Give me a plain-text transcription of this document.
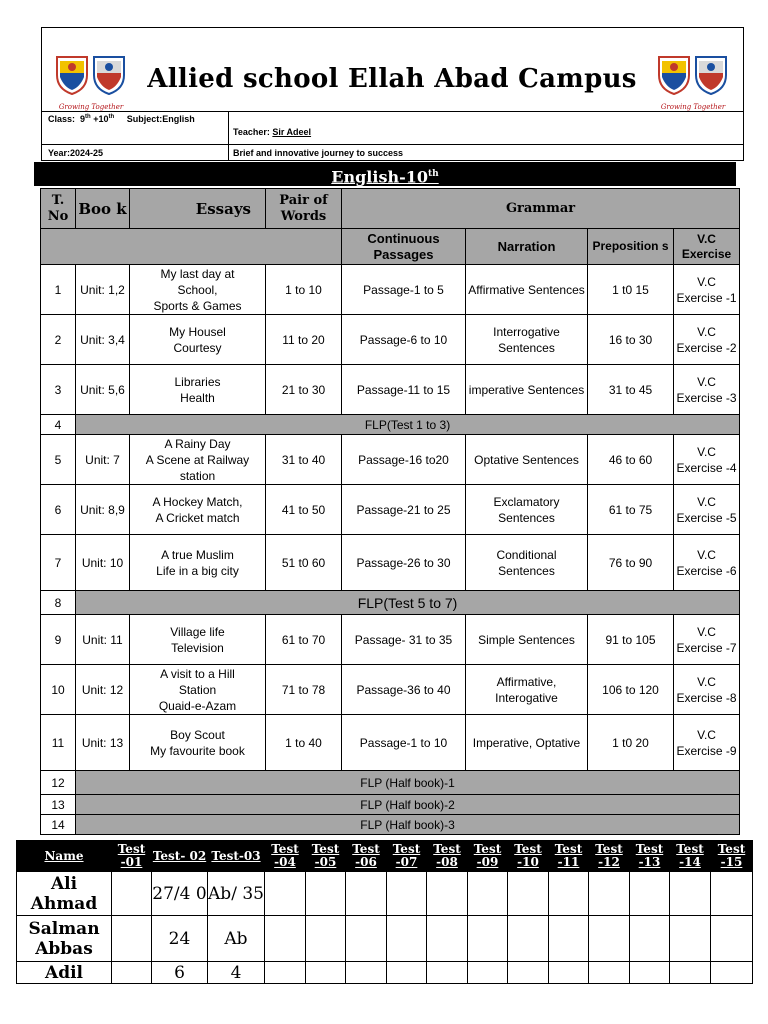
Growing Together
Allied school Ellah Abad Campus
Growing Together
Class: 9th +10th Subject:English
Teacher: Sir Adeel
Year:2024-25	Brief and innovative journey to success
English-10th
T. No	Boo k	Essays	Pair of Words	Grammar			
				Continuous Passages	Narration	Preposition s	V.C Exercise
1	Unit: 1,2	My last day at
School,
Sports & Games	1 to 10	Passage-1 to 5	Affirmative Sentences	1 t0 15	V.C Exercise -1
2	Unit: 3,4	My Housel
Courtesy	11 to 20	Passage-6 to 10	Interrogative Sentences	16 to 30	V.C Exercise -2
3	Unit: 5,6	Libraries
Health	21 to 30	Passage-11 to 15	imperative Sentences	31 to 45	V.C Exercise -3
4	FLP(Test 1 to 3)						
5	Unit: 7	A Rainy Day
A Scene at Railway
station	31 to 40	Passage-16 to20	Optative Sentences	46 to 60	V.C Exercise -4
6	Unit: 8,9	A Hockey Match,
A Cricket match	41 to 50	Passage-21 to 25	Exclamatory Sentences	61 to 75	V.C Exercise -5
7	Unit: 10	A true Muslim
Life in a big city	51 t0 60	Passage-26 to 30	Conditional Sentences	76 to 90	V.C Exercise -6
8	FLP(Test 5 to 7)						
9	Unit: 11	Village life
Television	61 to 70	Passage- 31 to 35	Simple Sentences	91 to 105	V.C Exercise -7
10	Unit: 12	A visit to a Hill
Station
Quaid-e-Azam	71 to 78	Passage-36 to 40	Affirmative, Interogative	106 to 120	V.C Exercise -8
11	Unit: 13	Boy Scout
My favourite book	1 to 40	Passage-1 to 10	Imperative, Optative	1 t0 20	V.C Exercise -9
12	FLP (Half book)-1						
13	FLP (Half book)-2						
14	FLP (Half book)-3						
Name	Test -01	Test- 02	Test-03	Test -04	Test -05	Test -06	Test -07	Test -08	Test -09	Test -10	Test -11	Test -12	Test -13	Test -14	Test -15
Ali Ahmad		27/4 0	Ab/ 35												
Salman Abbas		24	Ab												
Adil		6	4												
